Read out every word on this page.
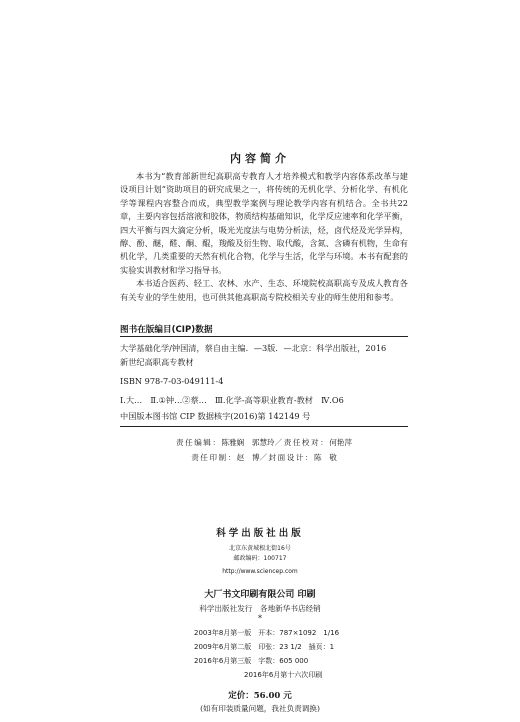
内容简介

本书为“教育部新世纪高职高专教育人才培养模式和教学内容体系改革与建设项目计划”资助项目的研究成果之一，将传统的无机化学、分析化学、有机化学等课程内容整合而成，典型教学案例与理论教学内容有机结合。全书共22章，主要内容包括溶液和胶体，物质结构基础知识，化学反应速率和化学平衡，四大平衡与四大滴定分析，吸光光度法与电势分析法，烃，卤代烃及光学异构，醇、酚、醚，醛、酮、醌，羧酸及衍生物、取代酸，含氮、含磷有机物，生命有机化学，几类重要的天然有机化合物，化学与生活，化学与环境。本书有配套的实验实训教材和学习指导书。

本书适合医药、轻工、农林、水产、生态、环境院校高职高专及成人教育各有关专业的学生使用，也可供其他高职高专院校相关专业的师生使用和参考。

图书在版编目(CIP)数据
大学基础化学/钟国清，蔡自由主编．—3版．—北京：科学出版社，2016
新世纪高职高专教材
ISBN 978-7-03-049111-4
Ⅰ.大…　Ⅱ.①钟…②蔡…　Ⅲ.化学-高等职业教育-教材　Ⅳ.O6
中国版本图书馆 CIP 数据核字(2016)第 142149 号
责任编辑：陈雅娴　郭慧玲／责任校对：何艳萍
责任印制：赵　博／封面设计：陈　敬
科学出版社出版
北京东黄城根北街16号
邮政编码：100717
http://www.sciencep.com
大厂书文印刷有限公司 印刷
科学出版社发行　各地新华书店经销
*
2003年8月第一版　开本：787×1092　1/16
2009年6月第二版　印张：23 1/2　插页：1
2016年6月第三版　字数：605 000
2016年6月第十六次印刷
定价：56.00 元
(如有印装质量问题，我社负责调换)
